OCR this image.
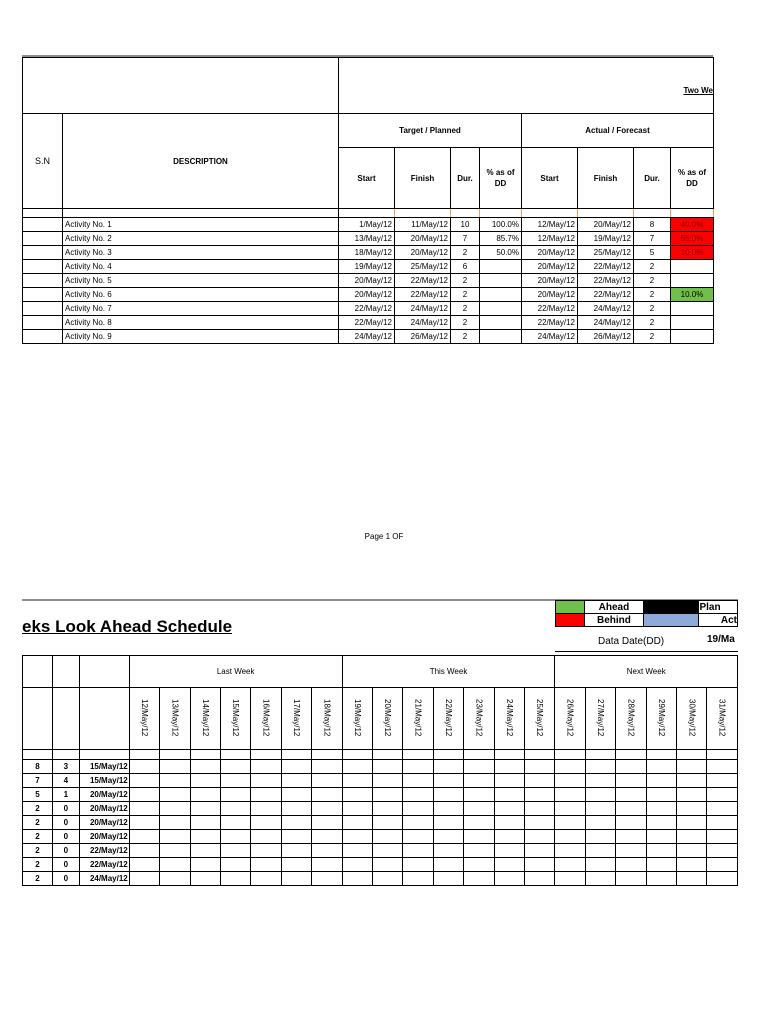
		Two We							
S.N	DESCRIPTION	Target / Planned				Actual / Forecast			
		Start	Finish	Dur.	% as of DD	Start	Finish	Dur.	% as of DD

	Activity No. 1	1/May/12	11/May/12	10	100.0%	12/May/12	20/May/12	8	40.0%
	Activity No. 2	13/May/12	20/May/12	7	85.7%	12/May/12	19/May/12	7	55.0%
	Activity No. 3	18/May/12	20/May/12	2	50.0%	20/May/12	25/May/12	5	10.0%
	Activity No. 4	19/May/12	25/May/12	6		20/May/12	22/May/12	2	
	Activity No. 5	20/May/12	22/May/12	2		20/May/12	22/May/12	2	
	Activity No. 6	20/May/12	22/May/12	2		20/May/12	22/May/12	2	10.0%
	Activity No. 7	22/May/12	24/May/12	2		22/May/12	24/May/12	2	
	Activity No. 8	22/May/12	24/May/12	2		22/May/12	24/May/12	2	
	Activity No. 9	24/May/12	26/May/12	2		24/May/12	26/May/12	2	
Page 1 OF
eks Look Ahead Schedule
	Ahead		Plan
	Behind		Act
Data Date(DD)	19/Ma
			Last Week							This Week							Next Week					
			12/May/12	13/May/12	14/May/12	15/May/12	16/May/12	17/May/12	18/May/12	19/May/12	20/May/12	21/May/12	22/May/12	23/May/12	24/May/12	25/May/12	26/May/12	27/May/12	28/May/12	29/May/12	30/May/12	31/May/12

8	3	15/May/12																				
7	4	15/May/12																				
5	1	20/May/12																				
2	0	20/May/12																				
2	0	20/May/12																				
2	0	20/May/12																				
2	0	22/May/12																				
2	0	22/May/12																				
2	0	24/May/12																				
